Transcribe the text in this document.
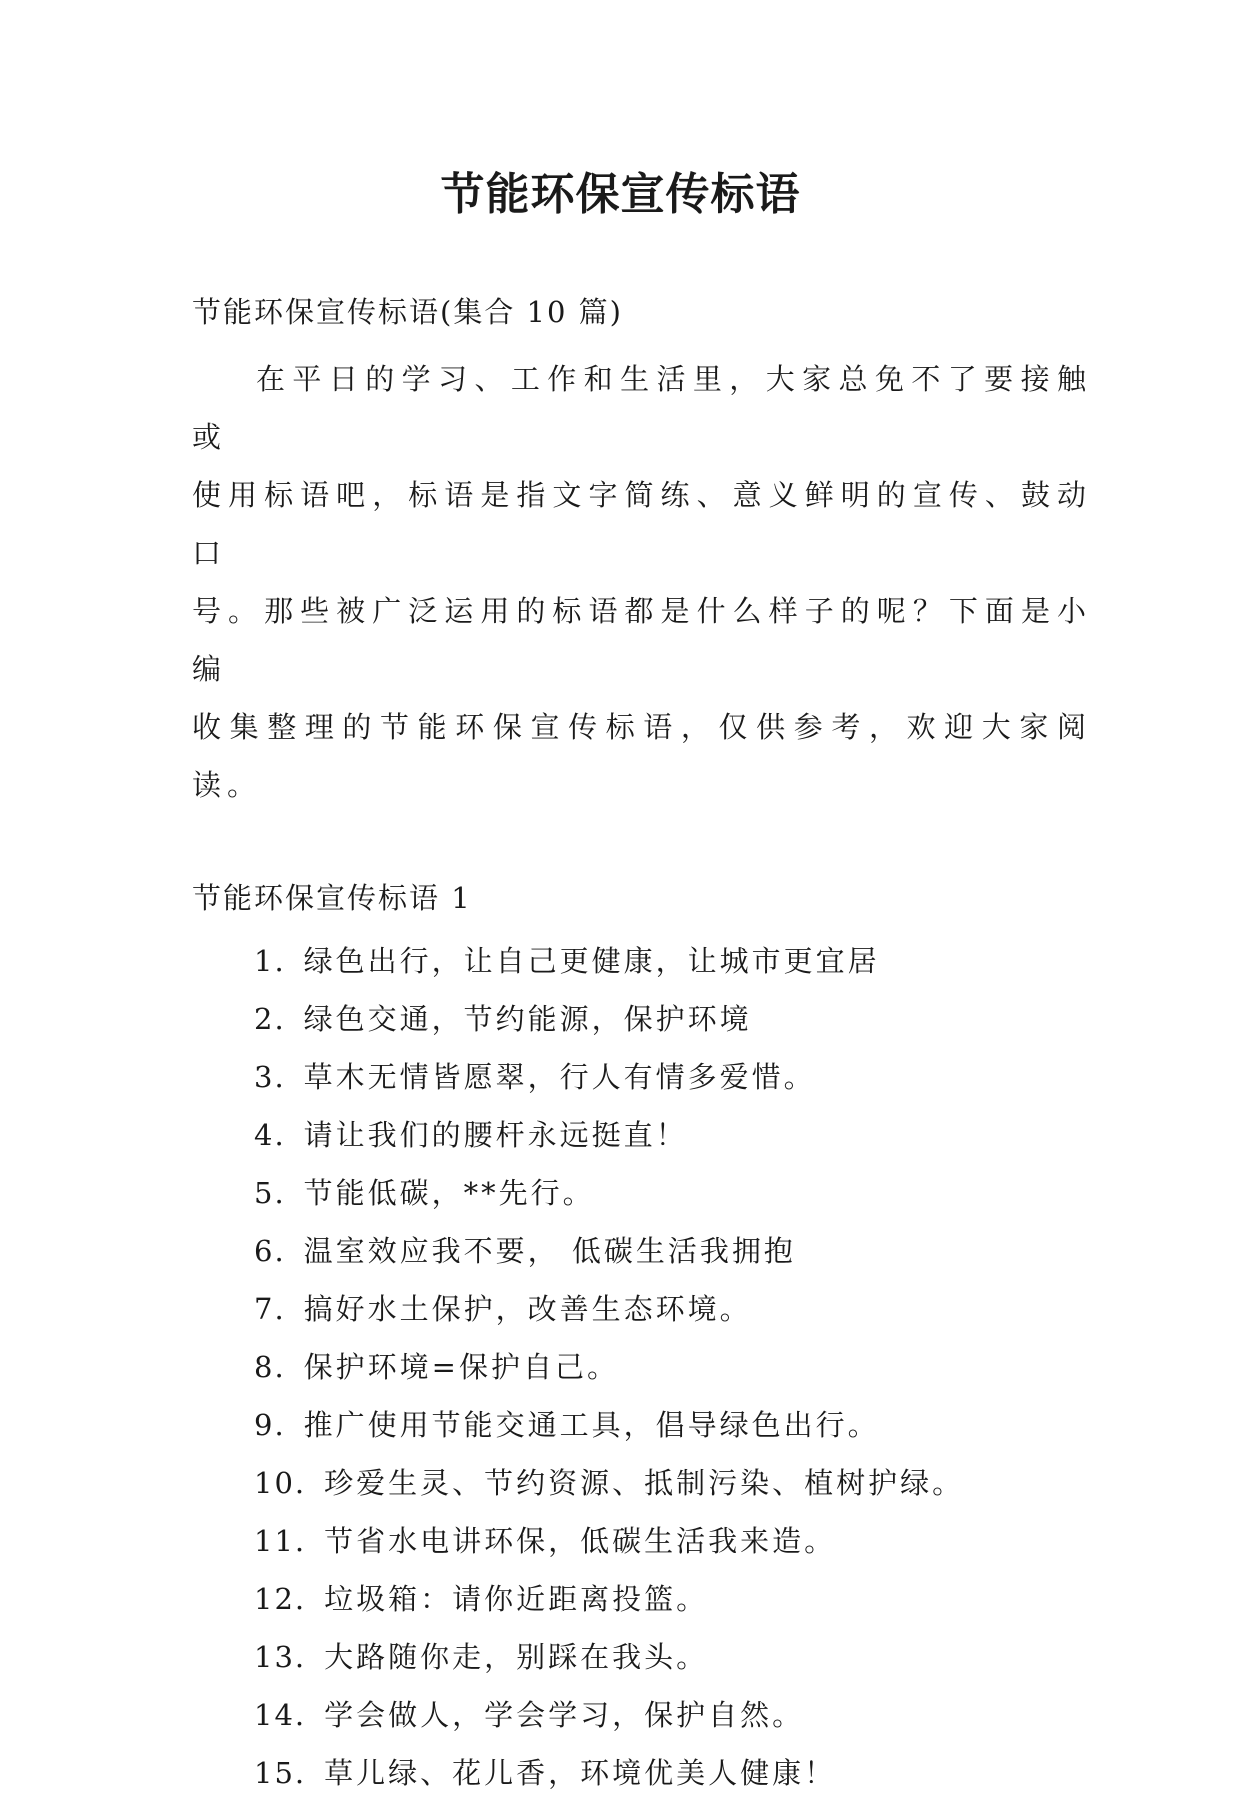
节能环保宣传标语

节能环保宣传标语(集合 10 篇)

在平日的学习、工作和生活里，大家总免不了要接触或
使用标语吧，标语是指文字简练、意义鲜明的宣传、鼓动口
号。那些被广泛运用的标语都是什么样子的呢？下面是小编
收集整理的节能环保宣传标语，仅供参考，欢迎大家阅读。

节能环保宣传标语 1

1. 绿色出行，让自己更健康，让城市更宜居
2. 绿色交通，节约能源，保护环境
3. 草木无情皆愿翠，行人有情多爱惜。
4. 请让我们的腰杆永远挺直！
5. 节能低碳，**先行。
6. 温室效应我不要， 低碳生活我拥抱
7. 搞好水土保护，改善生态环境。
8. 保护环境=保护自己。
9. 推广使用节能交通工具，倡导绿色出行。
10. 珍爱生灵、节约资源、抵制污染、植树护绿。
11. 节省水电讲环保，低碳生活我来造。
12. 垃圾箱：请你近距离投篮。
13. 大路随你走，别踩在我头。
14. 学会做人，学会学习，保护自然。
15. 草儿绿、花儿香，环境优美人健康！
